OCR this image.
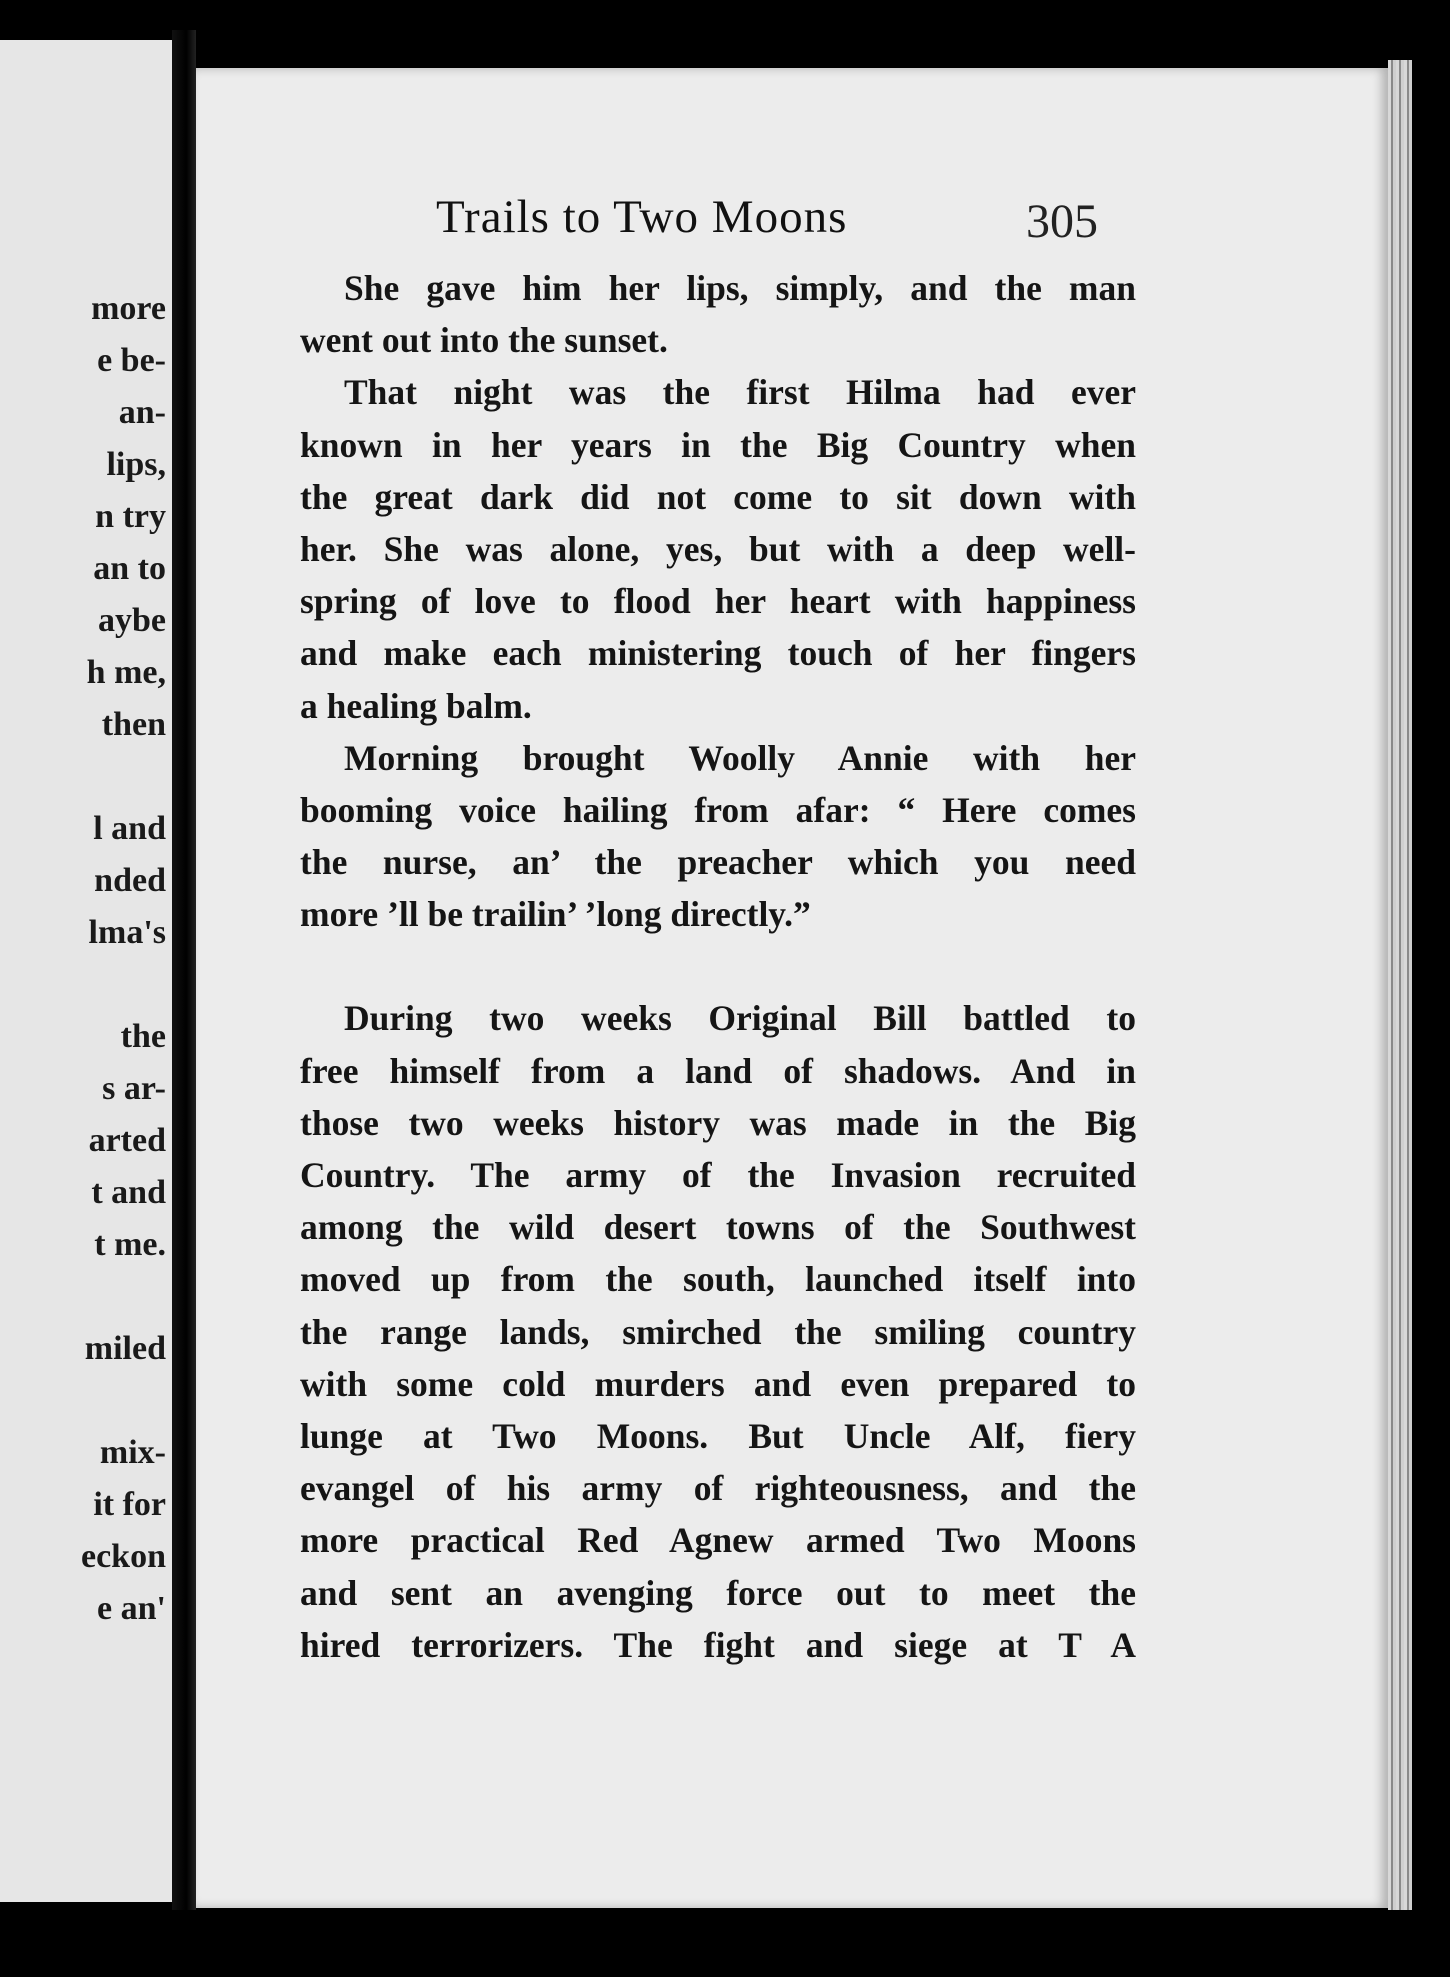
more
e be-
an-
lips,
n try
an to
aybe
h me,
then
l and
nded
lma's
the
s ar-
arted
t and
t me.
miled
mix-
it for
eckon
e an'
Trails to Two Moons	305
She gave him her lips, simply, and the man
went out into the sunset.
That night was the first Hilma had ever
known in her years in the Big Country when
the great dark did not come to sit down with
her. She was alone, yes, but with a deep well-
spring of love to flood her heart with happiness
and make each ministering touch of her fingers
a healing balm.
Morning brought Woolly Annie with her
booming voice hailing from afar: “ Here comes
the nurse, an’ the preacher which you need
more ’ll be trailin’ ’long directly.”
During two weeks Original Bill battled to
free himself from a land of shadows. And in
those two weeks history was made in the Big
Country. The army of the Invasion recruited
among the wild desert towns of the Southwest
moved up from the south, launched itself into
the range lands, smirched the smiling country
with some cold murders and even prepared to
lunge at Two Moons. But Uncle Alf, fiery
evangel of his army of righteousness, and the
more practical Red Agnew armed Two Moons
and sent an avenging force out to meet the
hired terrorizers. The fight and siege at T A
